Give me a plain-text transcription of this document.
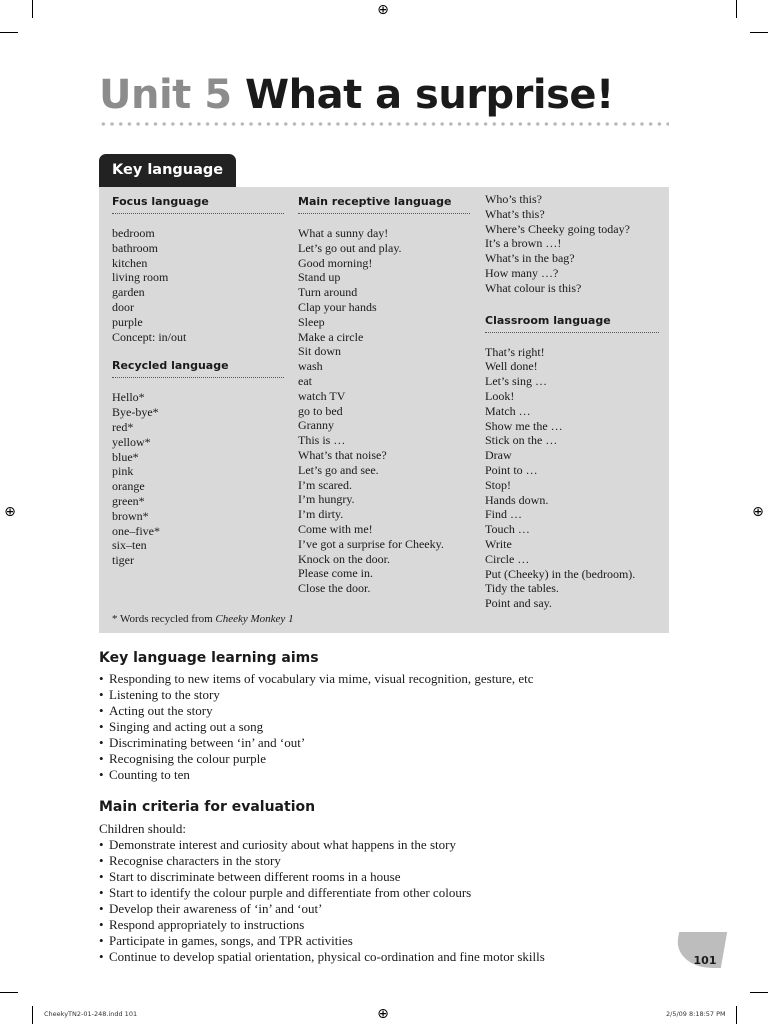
⊕
⊕	⊕
⊕
Unit 5 What a surprise!
Key language
Focus language
bedroom
bathroom
kitchen
living room
garden
door
purple
Concept: in/out
Recycled language
Hello*
Bye-bye*
red*
yellow*
blue*
pink
orange
green*
brown*
one–five*
six–ten
tiger
Main receptive language
What a sunny day!
Let’s go out and play.
Good morning!
Stand up
Turn around
Clap your hands
Sleep
Make a circle
Sit down
wash
eat
watch TV
go to bed
Granny
This is …
What’s that noise?
Let’s go and see.
I’m scared.
I’m hungry.
I’m dirty.
Come with me!
I’ve got a surprise for Cheeky.
Knock on the door.
Please come in.
Close the door.
Who’s this?
What’s this?
Where’s Cheeky going today?
It’s a brown …!
What’s in the bag?
How many …?
What colour is this?
Classroom language
That’s right!
Well done!
Let’s sing …
Look!
Match …
Show me the …
Stick on the …
Draw
Point to …
Stop!
Hands down.
Find …
Touch …
Write
Circle …
Put (Cheeky) in the (bedroom).
Tidy the tables.
Point and say.
* Words recycled from Cheeky Monkey 1
Key language learning aims
• Responding to new items of vocabulary via mime, visual recognition, gesture, etc
• Listening to the story
• Acting out the story
• Singing and acting out a song
• Discriminating between ‘in’ and ‘out’
• Recognising the colour purple
• Counting to ten
Main criteria for evaluation

Children should:

• Demonstrate interest and curiosity about what happens in the story
• Recognise characters in the story
• Start to discriminate between different rooms in a house
• Start to identify the colour purple and differentiate from other colours
• Develop their awareness of ‘in’ and ‘out’
• Respond appropriately to instructions
• Participate in games, songs, and TPR activities
• Continue to develop spatial orientation, physical co-ordination and fine motor skills	101
CheekyTN2-01-248.indd 101	2/5/09 8:18:57 PM
